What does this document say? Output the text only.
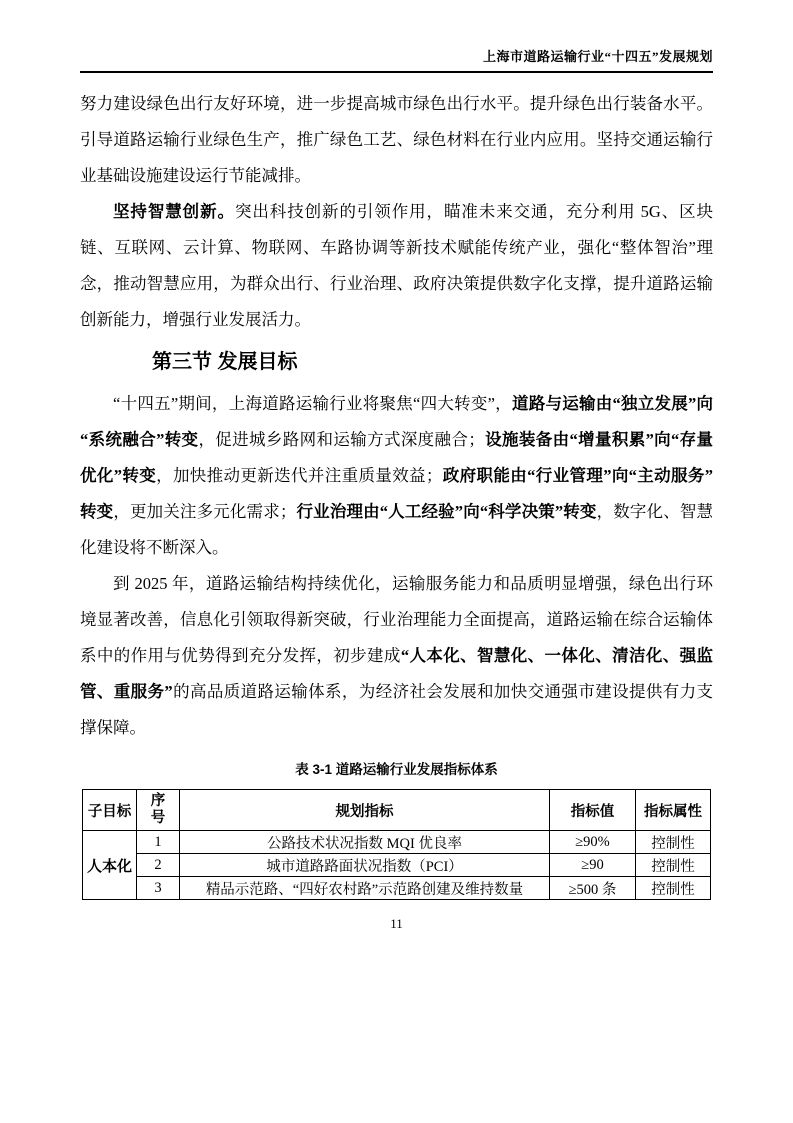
上海市道路运输行业“十四五”发展规划

努力建设绿色出行友好环境，进一步提高城市绿色出行水平。提升绿色出行装备水平。引导道路运输行业绿色生产，推广绿色工艺、绿色材料在行业内应用。坚持交通运输行业基础设施建设运行节能减排。

坚持智慧创新。突出科技创新的引领作用，瞄准未来交通，充分利用 5G、区块链、互联网、云计算、物联网、车路协调等新技术赋能传统产业，强化“整体智治”理念，推动智慧应用，为群众出行、行业治理、政府决策提供数字化支撑，提升道路运输创新能力，增强行业发展活力。

第三节 发展目标

“十四五”期间，上海道路运输行业将聚焦“四大转变”，道路与运输由“独立发展”向“系统融合”转变，促进城乡路网和运输方式深度融合；设施装备由“增量积累”向“存量优化”转变，加快推动更新迭代并注重质量效益；政府职能由“行业管理”向“主动服务”转变，更加关注多元化需求；行业治理由“人工经验”向“科学决策”转变，数字化、智慧化建设将不断深入。

到 2025 年，道路运输结构持续优化，运输服务能力和品质明显增强，绿色出行环境显著改善，信息化引领取得新突破，行业治理能力全面提高，道路运输在综合运输体系中的作用与优势得到充分发挥，初步建成“人本化、智慧化、一体化、清洁化、强监管、重服务”的高品质道路运输体系，为经济社会发展和加快交通强市建设提供有力支撑保障。

表 3-1 道路运输行业发展指标体系
子目标	序号	规划指标	指标值	指标属性
人本化	1	公路技术状况指数 MQI 优良率	≥90%	控制性
	2	城市道路路面状况指数（PCI）	≥90	控制性
	3	精品示范路、“四好农村路”示范路创建及维持数量	≥500 条	控制性
11
